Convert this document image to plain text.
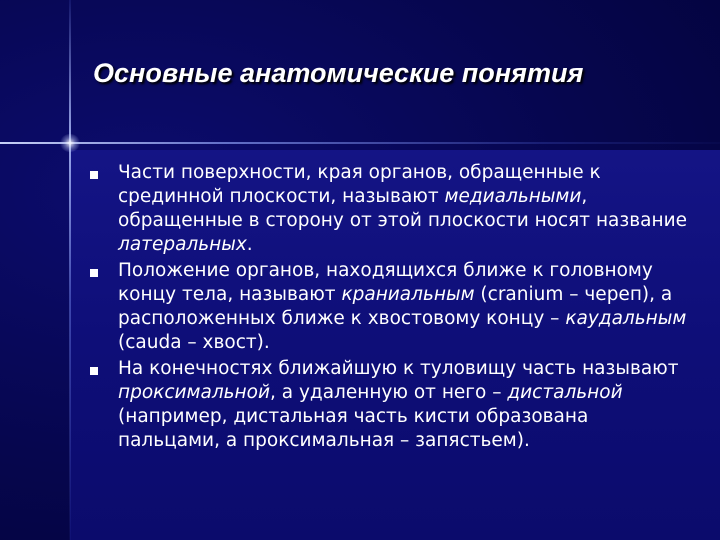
Основные анатомические понятия
Части поверхности, края органов, обращенные к срединной плоскости, называют медиальными, обращенные в сторону от этой плоскости носят название латеральных.
Положение органов, находящихся ближе к головному концу тела, называют краниальным (cranium – череп), а расположенных ближе к хвостовому концу – каудальным (cauda – хвост).
На конечностях ближайшую к туловищу часть называют проксимальной, а удаленную от него – дистальной (например, дистальная часть кисти образована пальцами, а проксимальная – запястьем).
